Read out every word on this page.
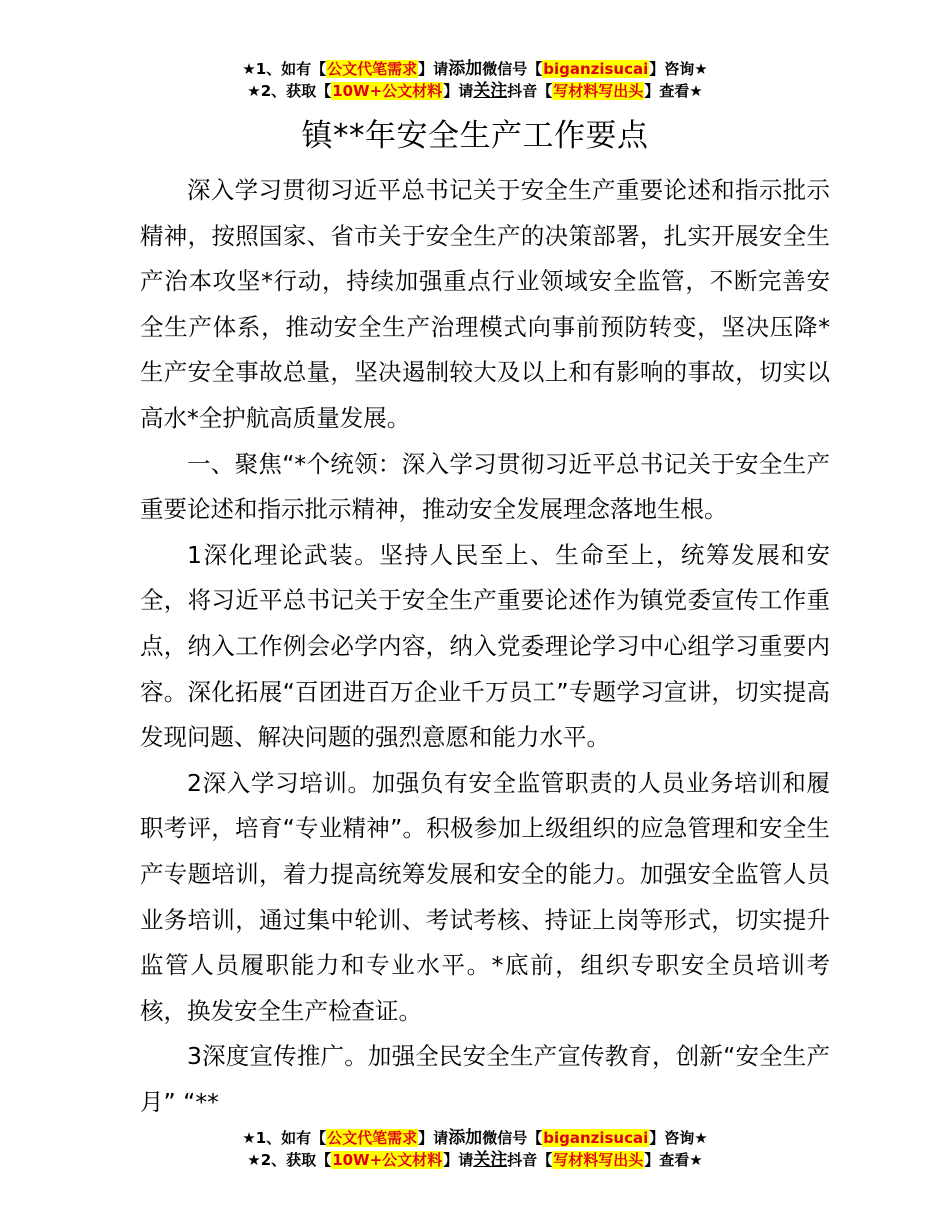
★1、如有【公文代笔需求】请添加微信号【biganzisucai】咨询★
★2、获取【10W+公文材料】请关注抖音【写材料写出头】查看★
镇**年安全生产工作要点

深入学习贯彻习近平总书记关于安全生产重要论述和指示批示精神，按照国家、省市关于安全生产的决策部署，扎实开展安全生产治本攻坚*行动，持续加强重点行业领域安全监管，不断完善安全生产体系，推动安全生产治理模式向事前预防转变，坚决压降*生产安全事故总量，坚决遏制较大及以上和有影响的事故，切实以高水*全护航高质量发展。

一、聚焦“*个统领：深入学习贯彻习近平总书记关于安全生产重要论述和指示批示精神，推动安全发展理念落地生根。

1深化理论武装。坚持人民至上、生命至上，统筹发展和安全，将习近平总书记关于安全生产重要论述作为镇党委宣传工作重点，纳入工作例会必学内容，纳入党委理论学习中心组学习重要内容。深化拓展“百团进百万企业千万员工”专题学习宣讲，切实提高发现问题、解决问题的强烈意愿和能力水平。

2深入学习培训。加强负有安全监管职责的人员业务培训和履职考评，培育“专业精神”。积极参加上级组织的应急管理和安全生产专题培训，着力提高统筹发展和安全的能力。加强安全监管人员业务培训，通过集中轮训、考试考核、持证上岗等形式，切实提升监管人员履职能力和专业水平。*底前，组织专职安全员培训考核，换发安全生产检查证。

3深度宣传推广。加强全民安全生产宣传教育，创新“安全生产月” “**

★1、如有【公文代笔需求】请添加微信号【biganzisucai】咨询★
★2、获取【10W+公文材料】请关注抖音【写材料写出头】查看★
